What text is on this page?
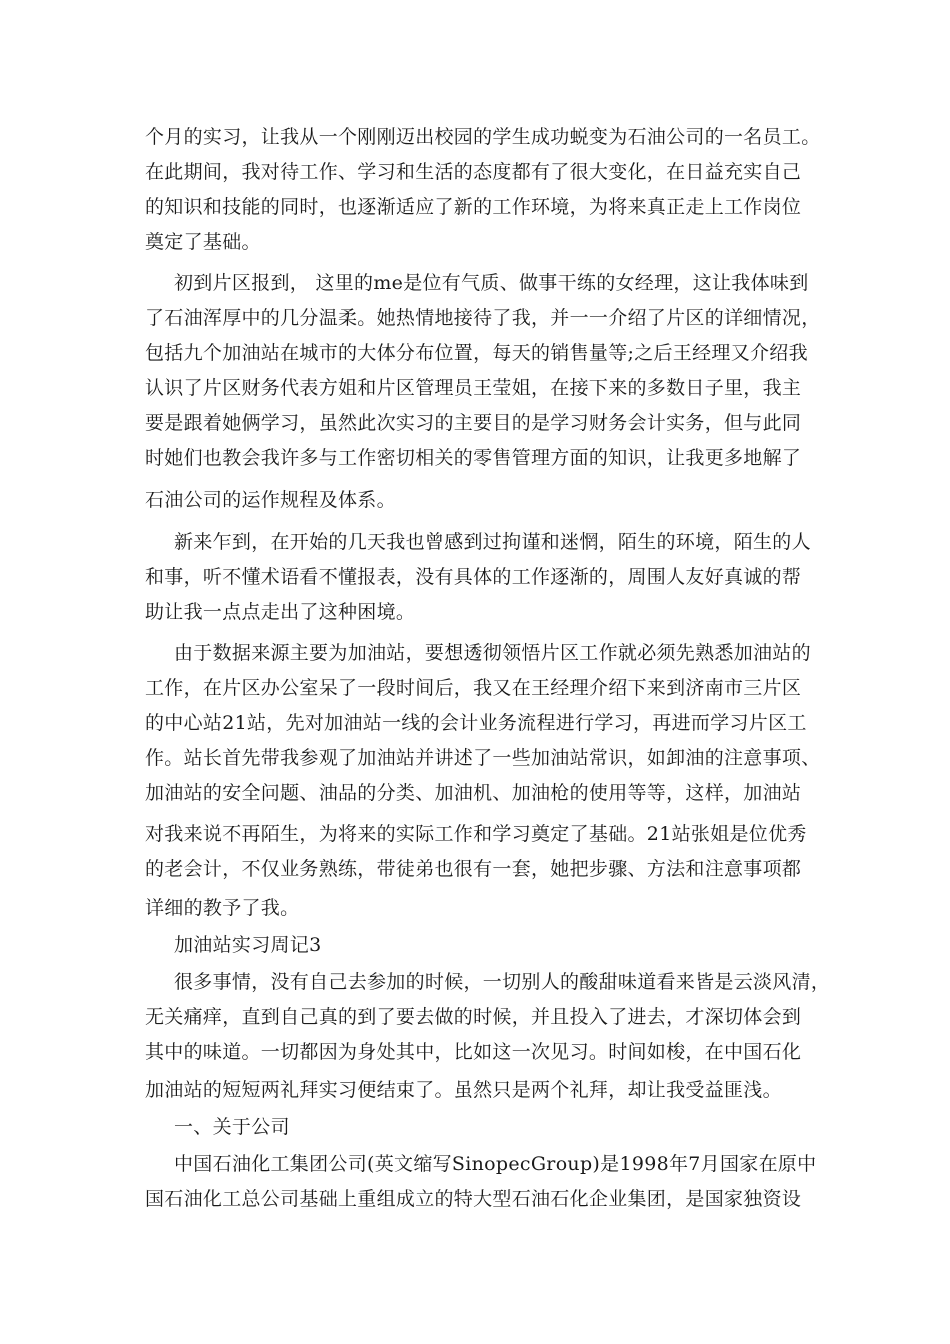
个月的实习，让我从一个刚刚迈出校园的学生成功蜕变为石油公司的一名员工。
在此期间，我对待工作、学习和生活的态度都有了很大变化，在日益充实自己
的知识和技能的同时，也逐渐适应了新的工作环境，为将来真正走上工作岗位
奠定了基础。
初到片区报到， 这里的me是位有气质、做事干练的女经理，这让我体味到
了石油浑厚中的几分温柔。她热情地接待了我，并一一介绍了片区的详细情况，
包括九个加油站在城市的大体分布位置，每天的销售量等;之后王经理又介绍我
认识了片区财务代表方姐和片区管理员王莹姐，在接下来的多数日子里，我主
要是跟着她俩学习，虽然此次实习的主要目的是学习财务会计实务，但与此同
时她们也教会我许多与工作密切相关的零售管理方面的知识，让我更多地解了
石油公司的运作规程及体系。
新来乍到，在开始的几天我也曾感到过拘谨和迷惘，陌生的环境，陌生的人
和事，听不懂术语看不懂报表，没有具体的工作逐渐的，周围人友好真诚的帮
助让我一点点走出了这种困境。
由于数据来源主要为加油站，要想透彻领悟片区工作就必须先熟悉加油站的
工作，在片区办公室呆了一段时间后，我又在王经理介绍下来到济南市三片区
的中心站21站，先对加油站一线的会计业务流程进行学习，再进而学习片区工
作。站长首先带我参观了加油站并讲述了一些加油站常识，如卸油的注意事项、
加油站的安全问题、油品的分类、加油机、加油枪的使用等等，这样，加油站
对我来说不再陌生，为将来的实际工作和学习奠定了基础。21站张姐是位优秀
的老会计，不仅业务熟练，带徒弟也很有一套，她把步骤、方法和注意事项都
详细的教予了我。
加油站实习周记3
很多事情，没有自己去参加的时候，一切别人的酸甜味道看来皆是云淡风清，
无关痛痒，直到自己真的到了要去做的时候，并且投入了进去，才深切体会到
其中的味道。一切都因为身处其中，比如这一次见习。时间如梭，在中国石化
加油站的短短两礼拜实习便结束了。虽然只是两个礼拜，却让我受益匪浅。
一、关于公司
中国石油化工集团公司(英文缩写SinopecGroup)是1998年7月国家在原中
国石油化工总公司基础上重组成立的特大型石油石化企业集团，是国家独资设
